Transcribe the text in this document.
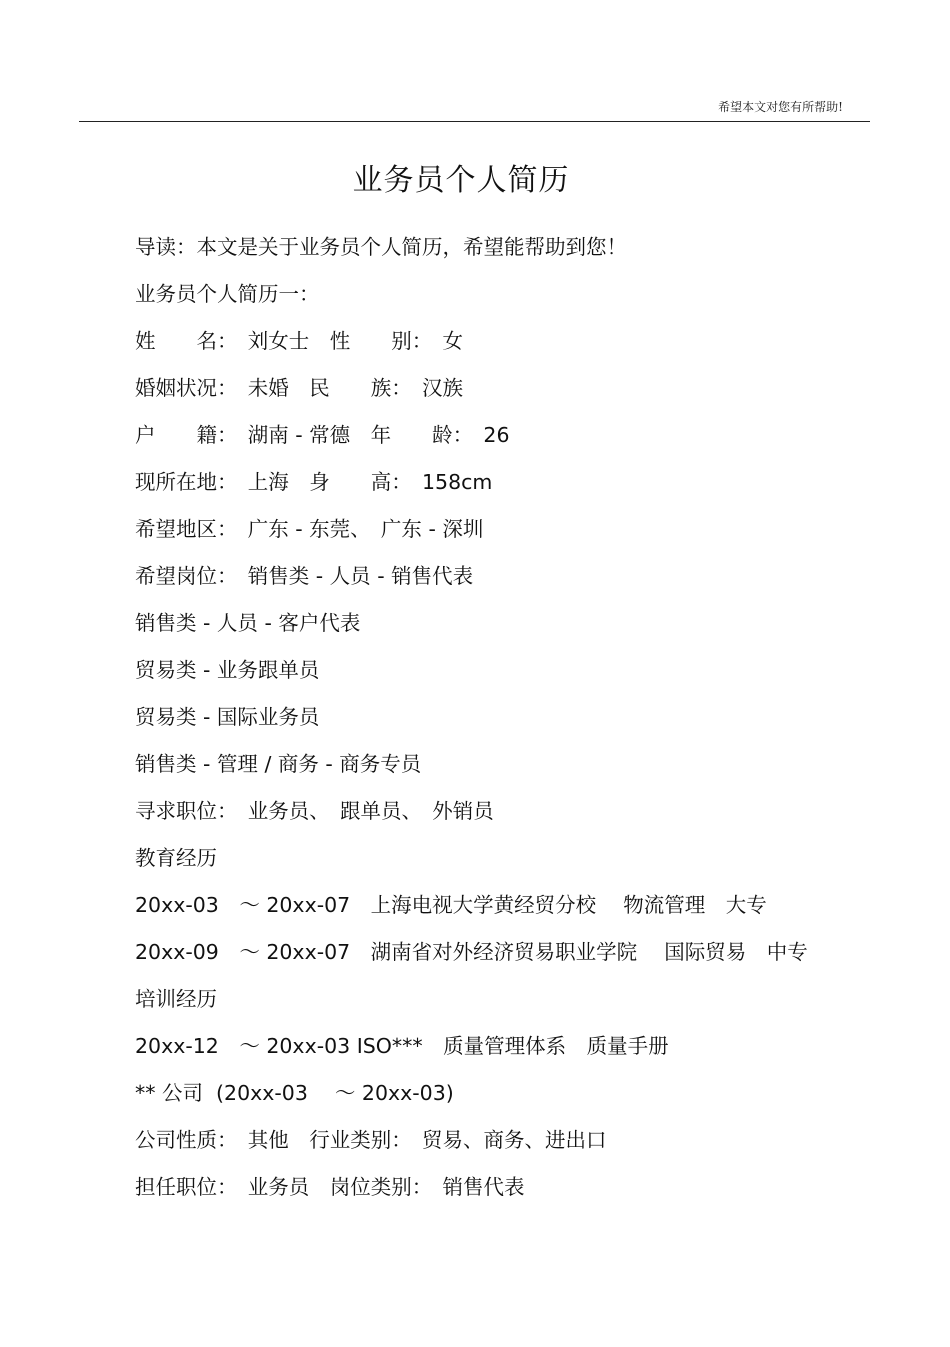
希望本文对您有所帮助!
业务员个人简历
导读：本文是关于业务员个人简历，希望能帮助到您！
业务员个人简历一：
姓　　名：　刘女士　性　　别：　女
婚姻状况：　未婚　民　　族：　汉族
户　　籍：　湖南 - 常德　年　　龄：　26
现所在地：　上海　身　　高：　158cm
希望地区：　广东 - 东莞、　广东 - 深圳
希望岗位：　销售类 - 人员 - 销售代表
销售类 - 人员 - 客户代表
贸易类 - 业务跟单员
贸易类 - 国际业务员
销售类 - 管理 / 商务 - 商务专员
寻求职位：　业务员、　跟单员、　外销员
教育经历
20xx-03　～ 20xx-07　上海电视大学黄经贸分校　 物流管理　大专
20xx-09　～ 20xx-07　湖南省对外经济贸易职业学院　 国际贸易　中专
培训经历
20xx-12　～ 20xx-03 ISO***　质量管理体系　质量手册
** 公司  (20xx-03　 ～ 20xx-03)
公司性质：　其他　行业类别：　贸易、商务、进出口
担任职位：　业务员　岗位类别：　销售代表
